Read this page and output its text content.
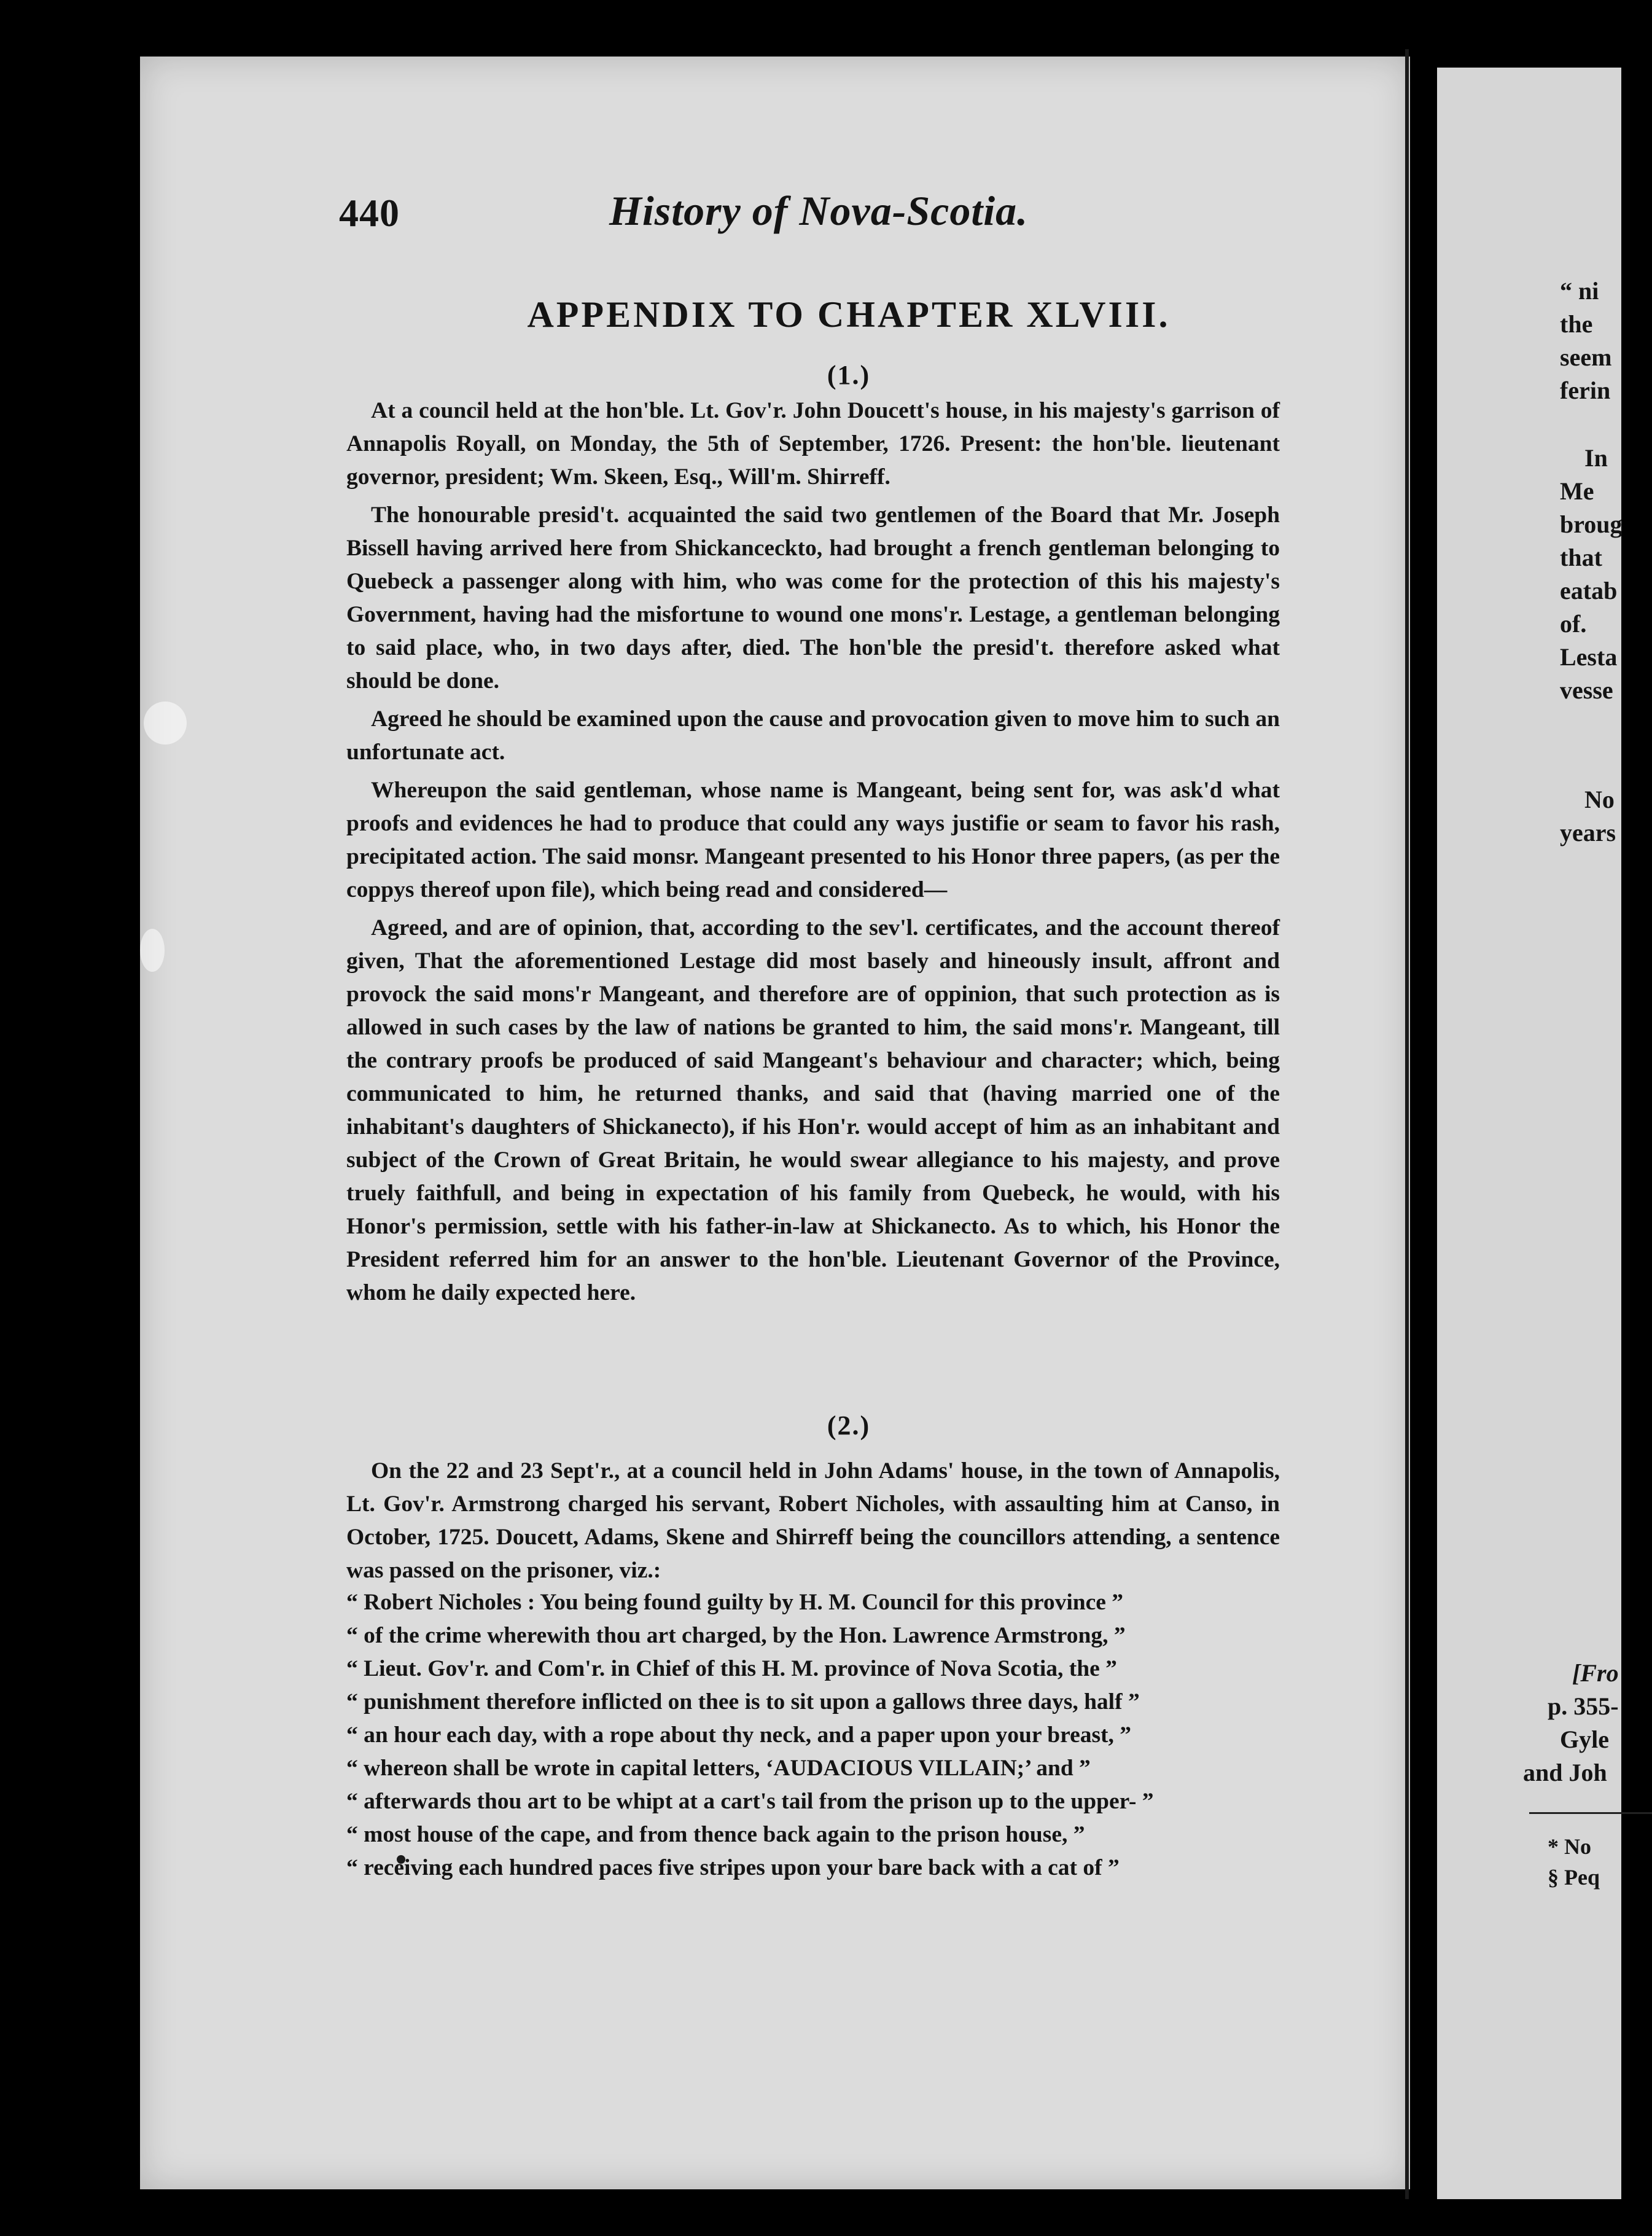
440	History of Nova-Scotia.
APPENDIX TO CHAPTER XLVIII.
(1.)

At a council held at the hon'ble. Lt. Gov'r. John Doucett's house, in his majesty's garrison of Annapolis Royall, on Monday, the 5th of September, 1726. Present: the hon'ble. lieutenant governor, president; Wm. Skeen, Esq., Will'm. Shirreff.

The honourable presid't. acquainted the said two gentlemen of the Board that Mr. Joseph Bissell having arrived here from Shickanceckto, had brought a french gentleman belonging to Quebeck a passenger along with him, who was come for the protection of this his majesty's Government, having had the misfortune to wound one mons'r. Lestage, a gentleman belonging to said place, who, in two days after, died. The hon'ble the presid't. therefore asked what should be done.

Agreed he should be examined upon the cause and provocation given to move him to such an unfortunate act.

Whereupon the said gentleman, whose name is Mangeant, being sent for, was ask'd what proofs and evidences he had to produce that could any ways justifie or seam to favor his rash, precipitated action. The said monsr. Mangeant presented to his Honor three papers, (as per the coppys thereof upon file), which being read and considered—

Agreed, and are of opinion, that, according to the sev'l. certificates, and the account thereof given, That the aforementioned Lestage did most basely and hineously insult, affront and provock the said mons'r Mangeant, and therefore are of oppinion, that such protection as is allowed in such cases by the law of nations be granted to him, the said mons'r. Mangeant, till the contrary proofs be produced of said Mangeant's behaviour and character; which, being communicated to him, he returned thanks, and said that (having married one of the inhabitant's daughters of Shickanecto), if his Hon'r. would accept of him as an inhabitant and subject of the Crown of Great Britain, he would swear allegiance to his majesty, and prove truely faithfull, and being in expectation of his family from Quebeck, he would, with his Honor's permission, settle with his father-in-law at Shickanecto. As to which, his Honor the President referred him for an answer to the hon'ble. Lieutenant Governor of the Province, whom he daily expected here.

(2.)

On the 22 and 23 Sept'r., at a council held in John Adams' house, in the town of Annapolis, Lt. Gov'r. Armstrong charged his servant, Robert Nicholes, with assaulting him at Canso, in October, 1725. Doucett, Adams, Skene and Shirreff being the councillors attending, a sentence was passed on the prisoner, viz.:

“ Robert Nicholes : You being found guilty by H. M. Council for this province ”
“ of the crime wherewith thou art charged, by the Hon. Lawrence Armstrong, ”
“ Lieut. Gov'r. and Com'r. in Chief of this H. M. province of Nova Scotia, the ”
“ punishment therefore inflicted on thee is to sit upon a gallows three days, half ”
“ an hour each day, with a rope about thy neck, and a paper upon your breast, ”
“ whereon shall be wrote in capital letters, ‘AUDACIOUS VILLAIN;’ and ”
“ afterwards thou art to be whipt at a cart's tail from the prison up to the upper- ”
“ most house of the cape, and from thence back again to the prison house, ”
“ receiving each hundred paces five stripes upon your bare back with a cat of ”
“ ni
the
seem
ferin
In
Me
broug
that
eatab
of.
Lesta
vesse
No
years
[Fro
p. 355-
Gyle
and Joh
* No
§ Peq
